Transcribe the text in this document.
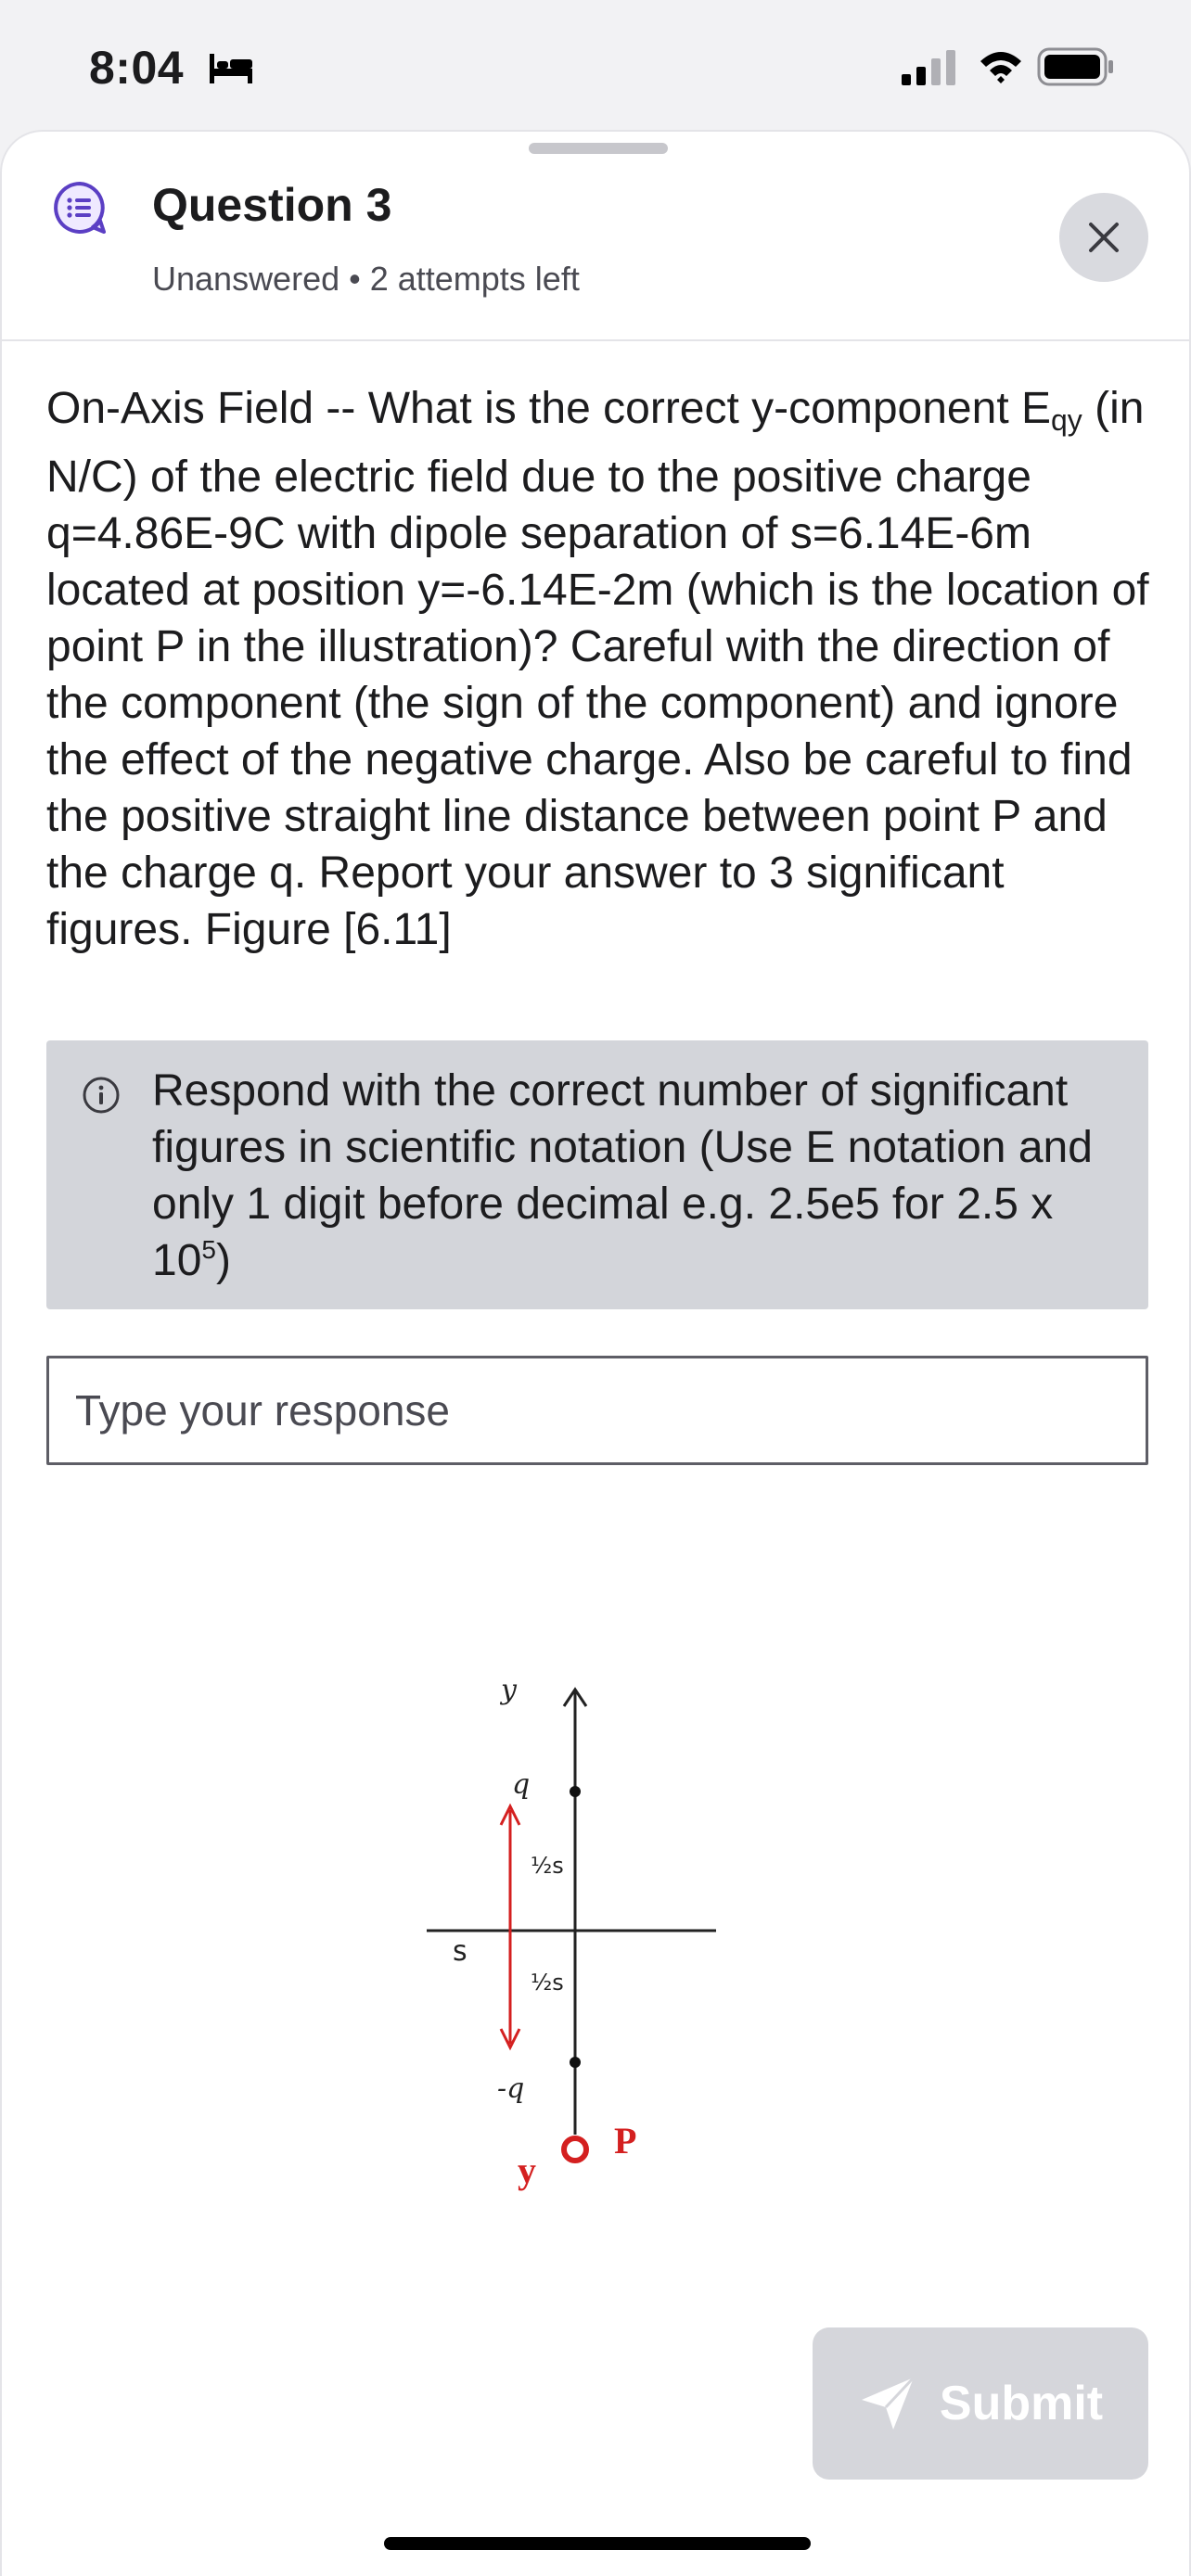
8:04
Question 3
Unanswered • 2 attempts left
On-Axis Field -- What is the correct y-component $E_{qy}$ (in N/C) of the electric field due to the positive charge q=4.86E-9C with dipole separation of s=6.14E-6m located at position y=-6.14E-2m (which is the location of point P in the illustration)? Careful with the direction of the component (the sign of the component) and ignore the effect of the negative charge. Also be careful to find the positive straight line distance between point P and the charge q. Report your answer to 3 significant figures. Figure [6.11]
Respond with the correct number of significant figures in scientific notation (Use E notation and only 1 digit before decimal e.g. 2.5e5 for 2.5 x $10^5$)
Type your response
y
q
½s
½s
s
-q
y
P
Submit
